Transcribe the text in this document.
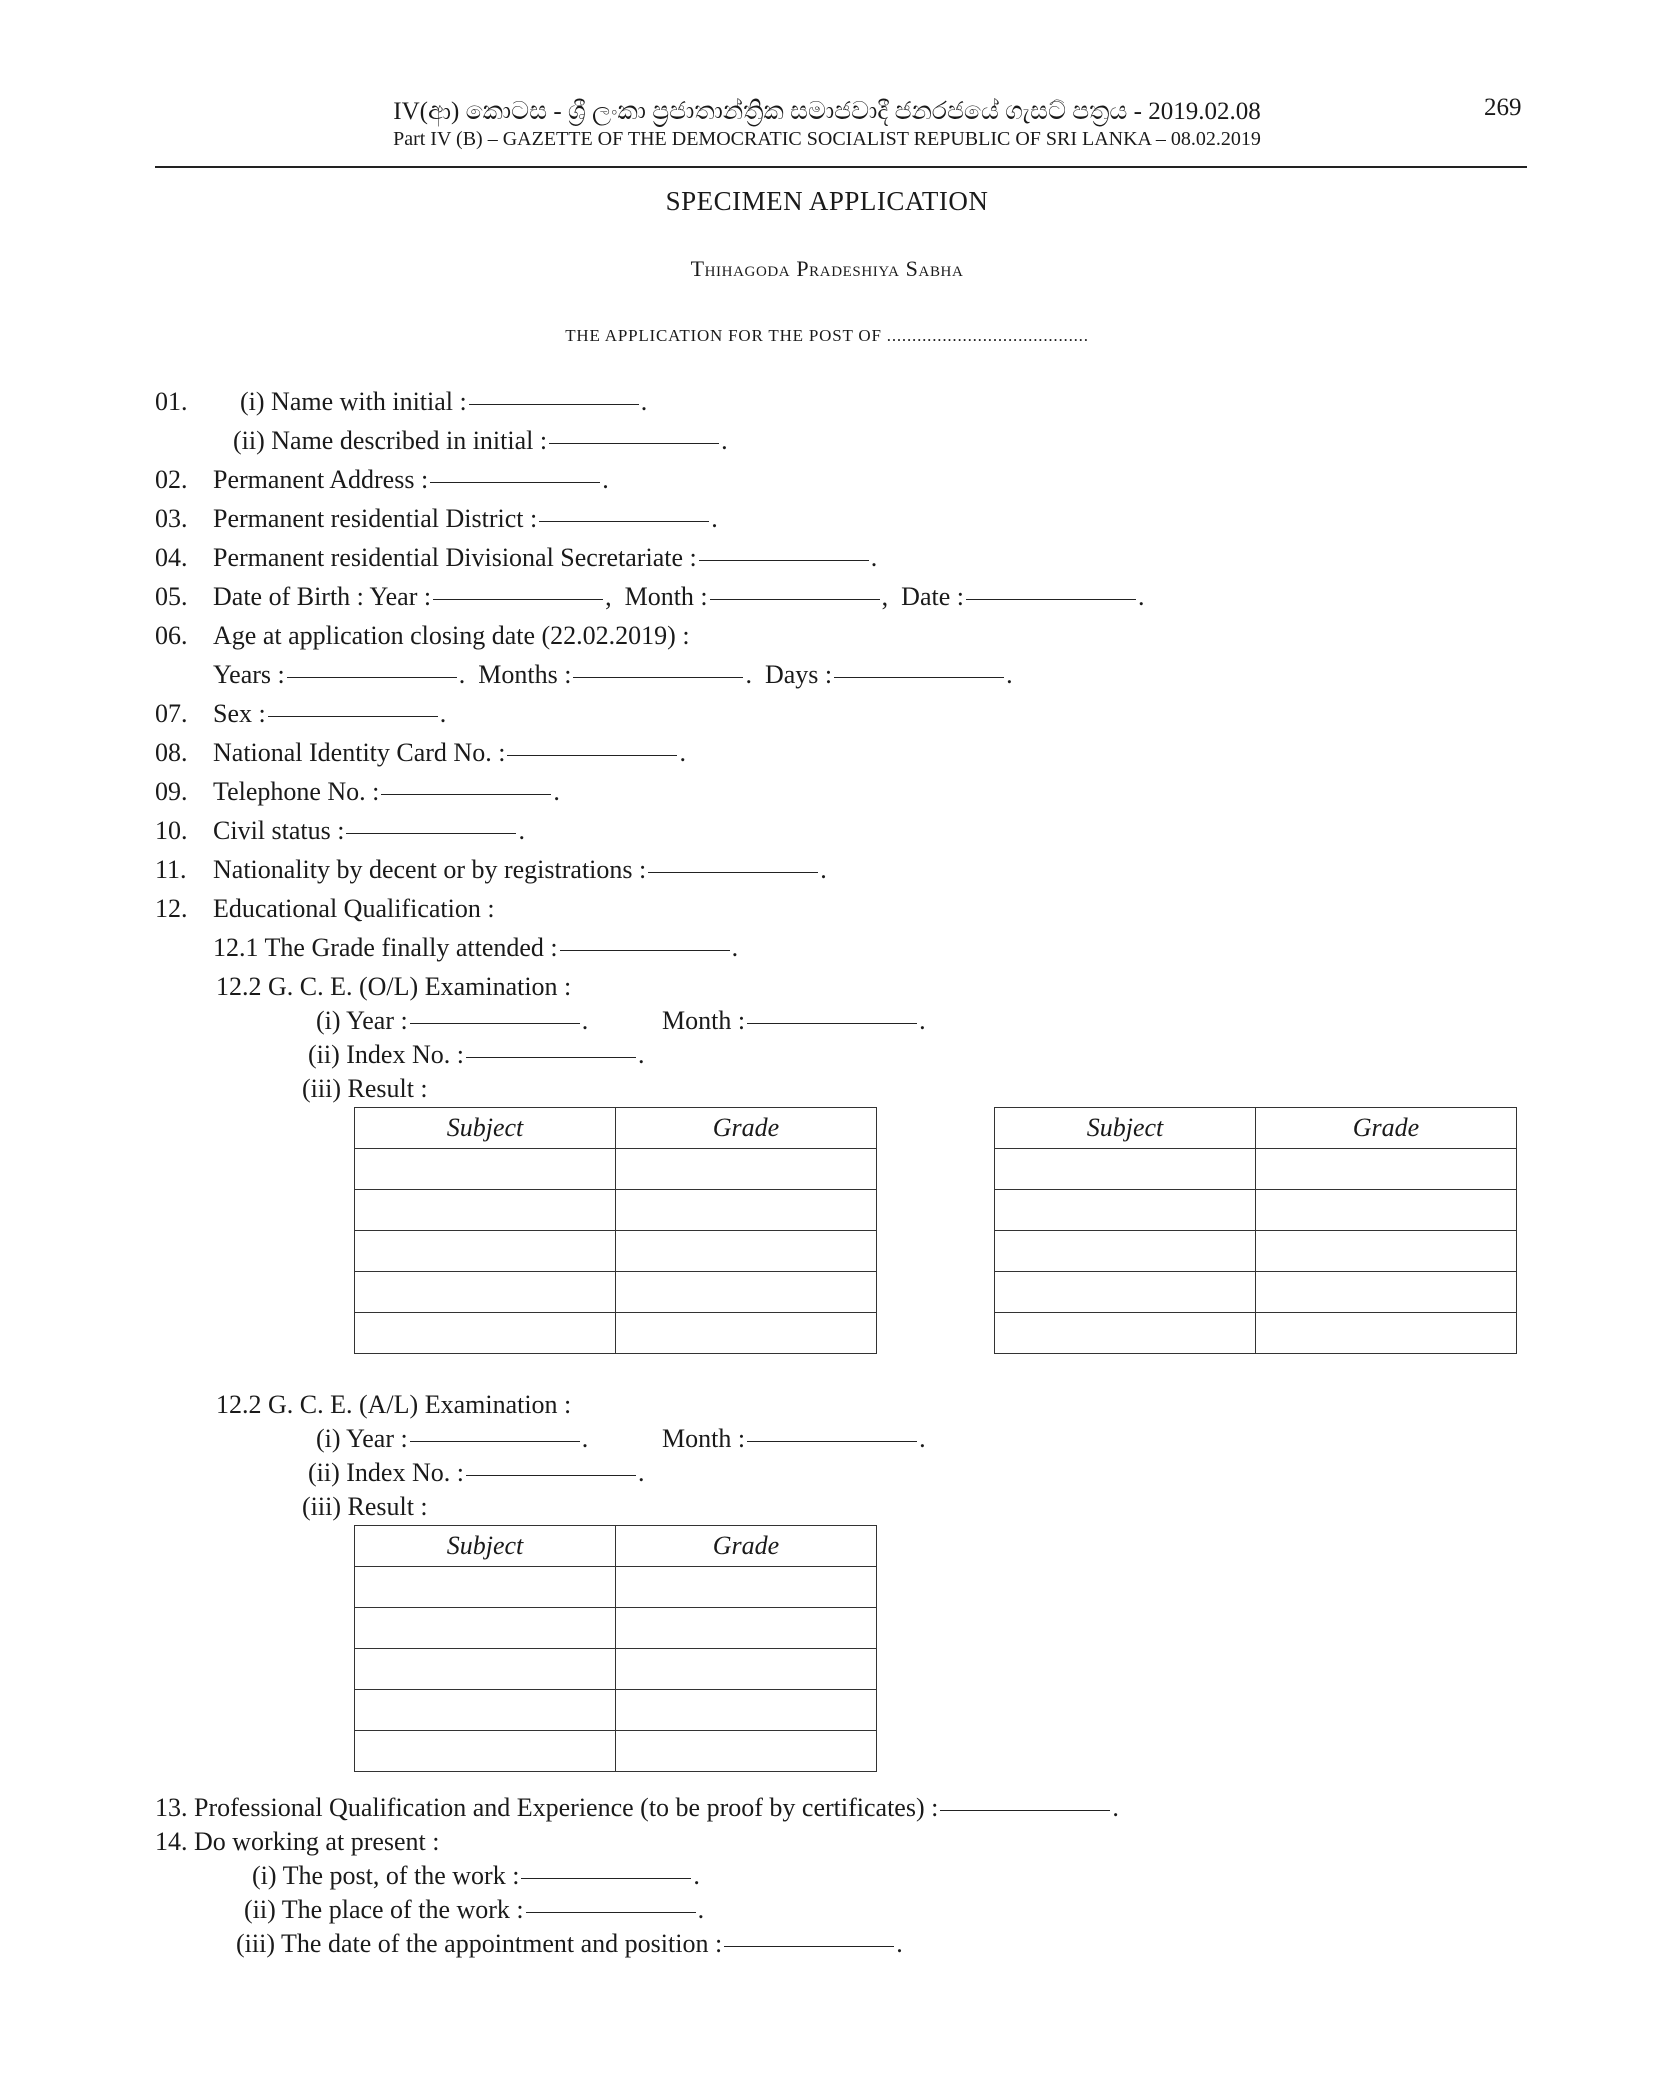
IV(ආ) කොටස - ශ්‍රී ලංකා ප්‍රජාතාන්ත්‍රික සමාජවාදී ජනරජයේ ගැසට් පත්‍රය - 2019.02.08
Part IV (B) – GAZETTE OF THE DEMOCRATIC SOCIALIST REPUBLIC OF SRI LANKA – 08.02.2019
269
SPECIMEN APPLICATION
Thihagoda Pradeshiya Sabha
THE APPLICATION FOR THE POST OF ........................................
01. (i) Name with initial :	.
(ii) Name described in initial :	.
02. Permanent Address :	.
03. Permanent residential District :	.
04. Permanent residential Divisional Secretariate :	.
05. Date of Birth : Year :	,  Month :	,  Date :	.
06. Age at application closing date (22.02.2019) :
Years :	.  Months :	.  Days :	.
07. Sex :	.
08. National Identity Card No. :	.
09. Telephone No. :	.
10. Civil status :	.
11. Nationality by decent or by registrations :	.
12. Educational Qualification :
12.1 The Grade finally attended :	.
12.2 G. C. E. (O/L) Examination :
(i) Year :	.	Month :	.
(ii) Index No. :	.
(iii) Result :
Subject	Grade

		Subject	Grade

12.2 G. C. E. (A/L) Examination :
(i) Year :	.	Month :	.
(ii) Index No. :	.
(iii) Result :
Subject	Grade

13. Professional Qualification and Experience (to be proof by certificates) :	.
14. Do working at present :
(i) The post, of the work :	.
(ii) The place of the work :	.
(iii) The date of the appointment and position :	.
